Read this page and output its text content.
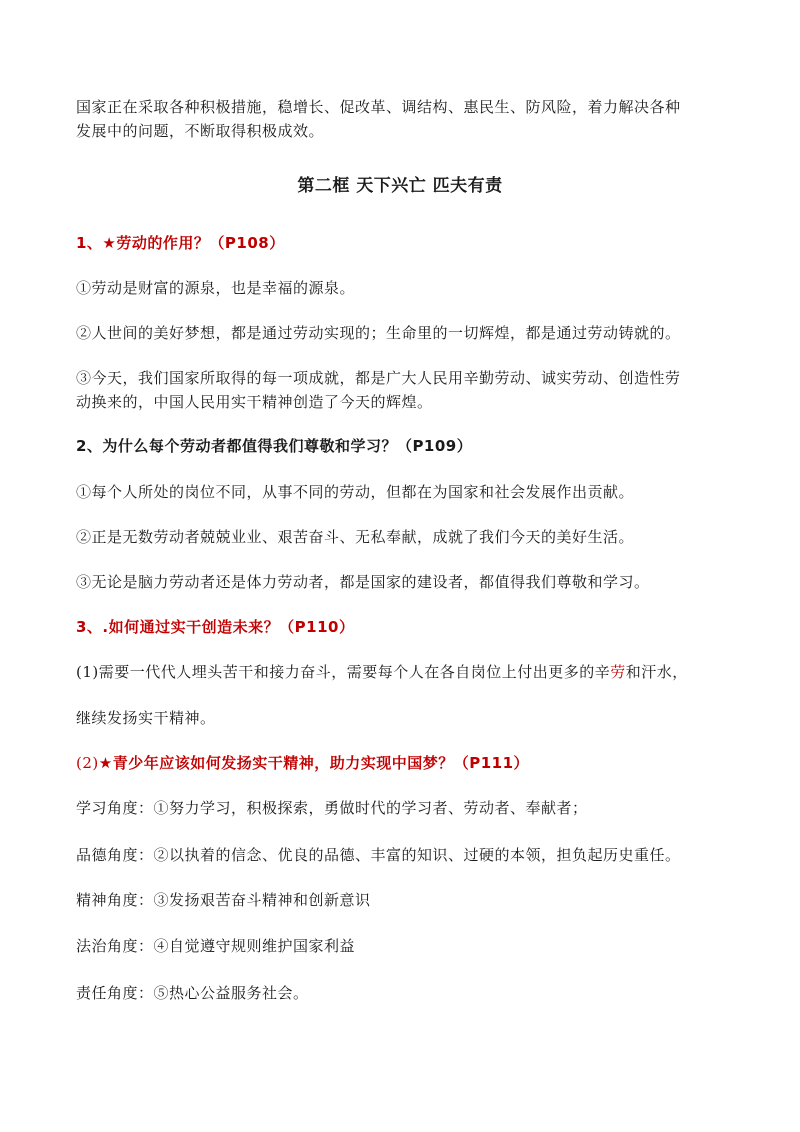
国家正在采取各种积极措施，稳增长、促改革、调结构、惠民生、防风险，着力解决各种
发展中的问题，不断取得积极成效。
第二框 天下兴亡 匹夫有责
1、★劳动的作用？（P108）
①劳动是财富的源泉，也是幸福的源泉。
②人世间的美好梦想，都是通过劳动实现的；生命里的一切辉煌，都是通过劳动铸就的。
③今天，我们国家所取得的每一项成就，都是广大人民用辛勤劳动、诚实劳动、创造性劳
动换来的，中国人民用实干精神创造了今天的辉煌。
2、为什么每个劳动者都值得我们尊敬和学习？（P109）
①每个人所处的岗位不同，从事不同的劳动，但都在为国家和社会发展作出贡献。
②正是无数劳动者兢兢业业、艰苦奋斗、无私奉献，成就了我们今天的美好生活。
③无论是脑力劳动者还是体力劳动者，都是国家的建设者，都值得我们尊敬和学习。
3、.如何通过实干创造未来？（P110）
(1)需要一代代人埋头苦干和接力奋斗，需要每个人在各自岗位上付出更多的辛劳和汗水，
继续发扬实干精神。
(2)★青少年应该如何发扬实干精神，助力实现中国梦？（P111）
学习角度：①努力学习，积极探索，勇做时代的学习者、劳动者、奉献者；
品德角度：②以执着的信念、优良的品德、丰富的知识、过硬的本领，担负起历史重任。
精神角度：③发扬艰苦奋斗精神和创新意识
法治角度：④自觉遵守规则维护国家利益
责任角度：⑤热心公益服务社会。
